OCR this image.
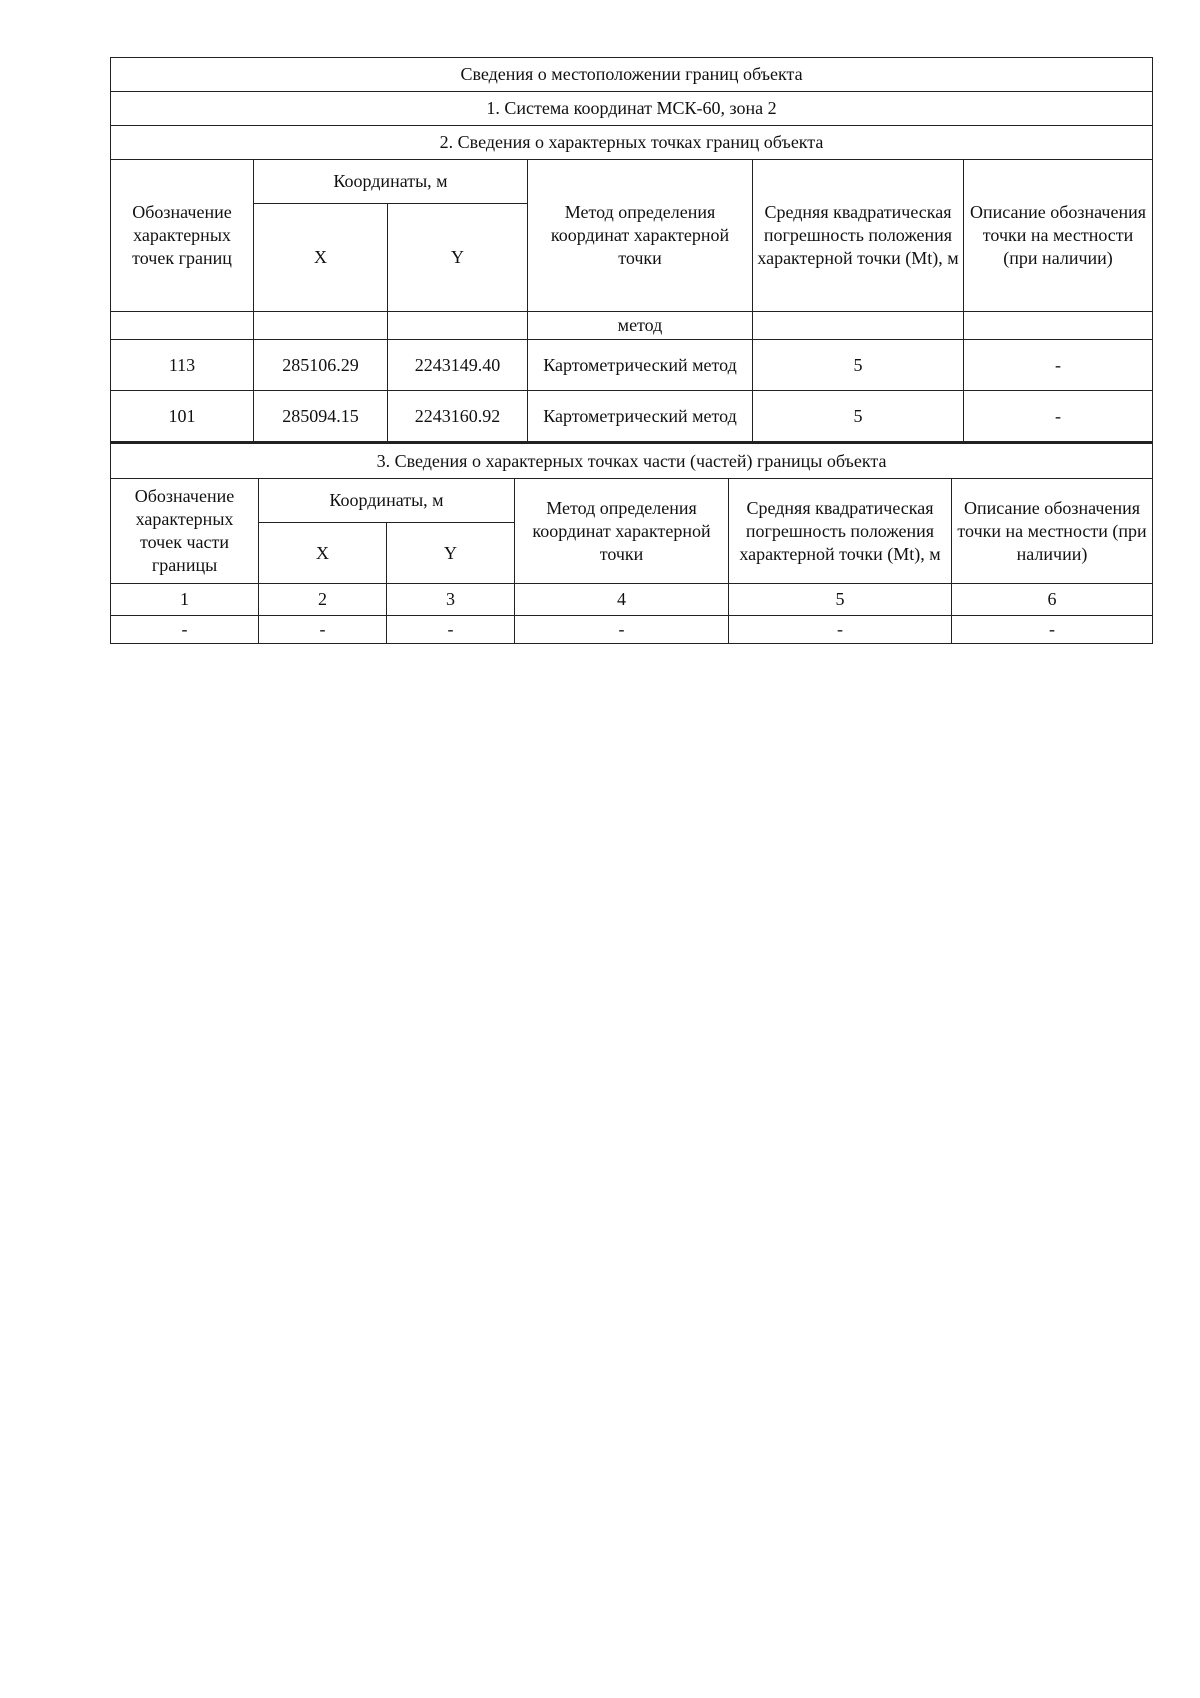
Сведения о местоположении границ объекта					
1. Система координат МСК-60, зона 2					
2. Сведения о характерных точках границ объекта					
Обозначение характерных точек границ	Координаты, м		Метод определения координат характерной точки	Средняя квадратическая погрешность положения характерной точки (Mt), м	Описание обозначения точки на местности (при наличии)
	X	Y			
			метод		
113	285106.29	2243149.40	Картометрический метод	5	-
101	285094.15	2243160.92	Картометрический метод	5	-
3. Сведения о характерных точках части (частей) границы объекта					
Обозначение характерных точек части границы	Координаты, м		Метод определения координат характерной точки	Средняя квадратическая погрешность положения характерной точки (Mt), м	Описание обозначения точки на местности (при наличии)
	X	Y			
1	2	3	4	5	6
-	-	-	-	-	-
